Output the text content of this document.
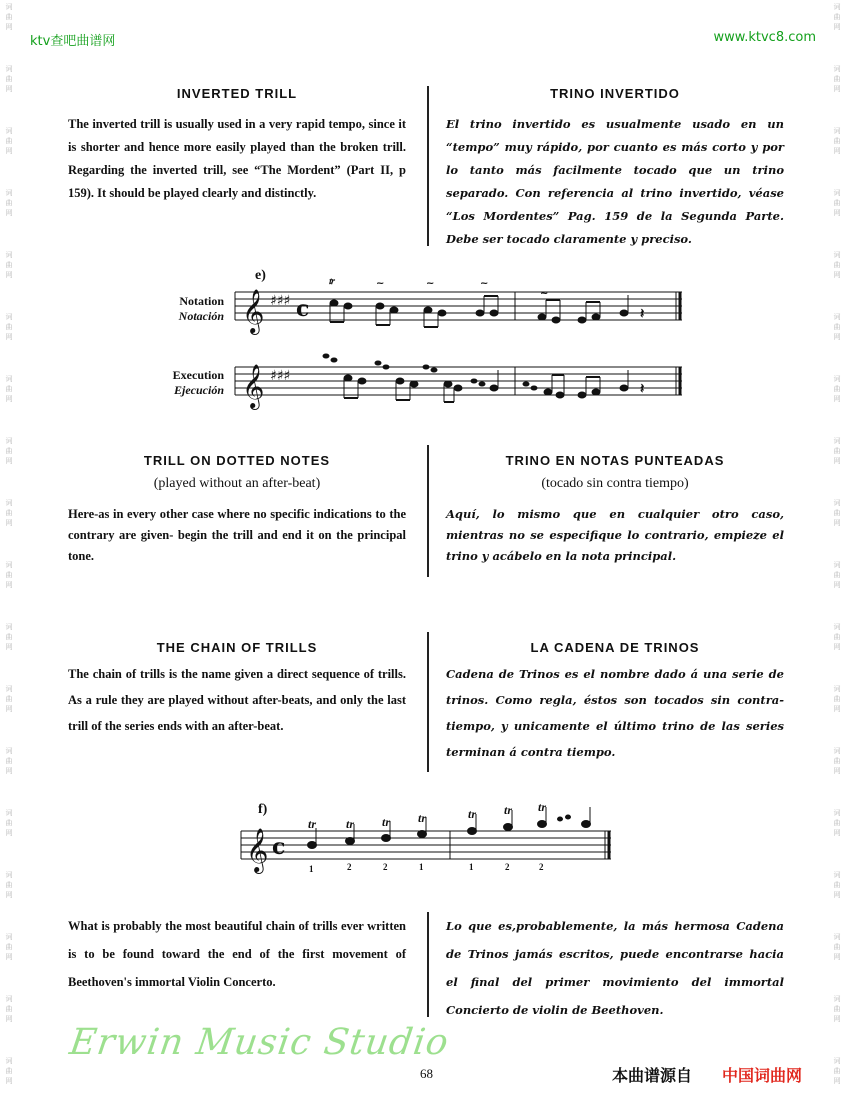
词
曲
网
词
曲
网
词
曲
网
词
曲
网
词
曲
网
词
曲
网
词
曲
网
词
曲
网
词
曲
网
词
曲
网
词
曲
网
词
曲
网
词
曲
网
词
曲
网
词
曲
网
词
曲
网
词
曲
网
词
曲
网
词
曲
网
词
曲
网
词
曲
网
词
曲
网
词
曲
网
词
曲
网
词
曲
网
词
曲
网
词
曲
网
词
曲
网
词
曲
网
词
曲
网
词
曲
网
词
曲
网
词
曲
网
词
曲
网
词
曲
网
词
曲
网
ktv查吧曲谱网	www.ktvc8.com
INVERTED TRILL
The inverted trill is usually used in a very rapid tempo, since it is shorter and hence more easily played than the broken trill. Regarding the inverted trill, see “The Mordent” (Part II, p 159). It should be played clearly and distinctly.
TRINO INVERTIDO
El trino invertido es usualmente usado en un “tempo” muy rápido, por cuanto es más corto y por lo tanto más facilmente tocado que un trino separado. Con referencia al trino invertido, véase “Los Mordentes” Pag. 159 de la Segunda Parte. Debe ser tocado claramente y preciso.
e)
Notation
Notación
Execution
Ejecución
𝄞
𝄞
♯♯♯
♯♯♯
c
𝆖	~	~	~
~
𝄽
𝄽
TRILL ON DOTTED NOTES
(played without an after-beat)
Here-as in every other case where no specific indications to the contrary are given- begin the trill and end it on the principal tone.
TRINO EN NOTAS PUNTEADAS
(tocado sin contra tiempo)
Aquí, lo mismo que en cualquier otro caso, mientras no se especifique lo contrario, empieze el trino y acábelo en la nota principal.
THE CHAIN OF TRILLS
The chain of trills is the name given a direct sequence of trills. As a rule they are played without after-beats, and only the last trill of the series ends with an after-beat.
LA CADENA DE TRINOS
Cadena de Trinos es el nombre dado á una serie de trinos. Como regla, éstos son tocados sin contra-tiempo, y unicamente el último trino de las series terminan á contra tiempo.
f)
𝄞 c
tr tr tr tr	tr tr tr
1	2	2	1	1	2	2
What is probably the most beautiful chain of trills ever written is to be found toward the end of the first movement of Beethoven's immortal Violin Concerto.
Lo que es,probablemente, la más hermosa Cadena de Trinos jamás escritos, puede encontrarse hacia el final del primer movimiento del immortal Concierto de violin de Beethoven.
Erwin Music Studio
68	本曲谱源自 中国词曲网
